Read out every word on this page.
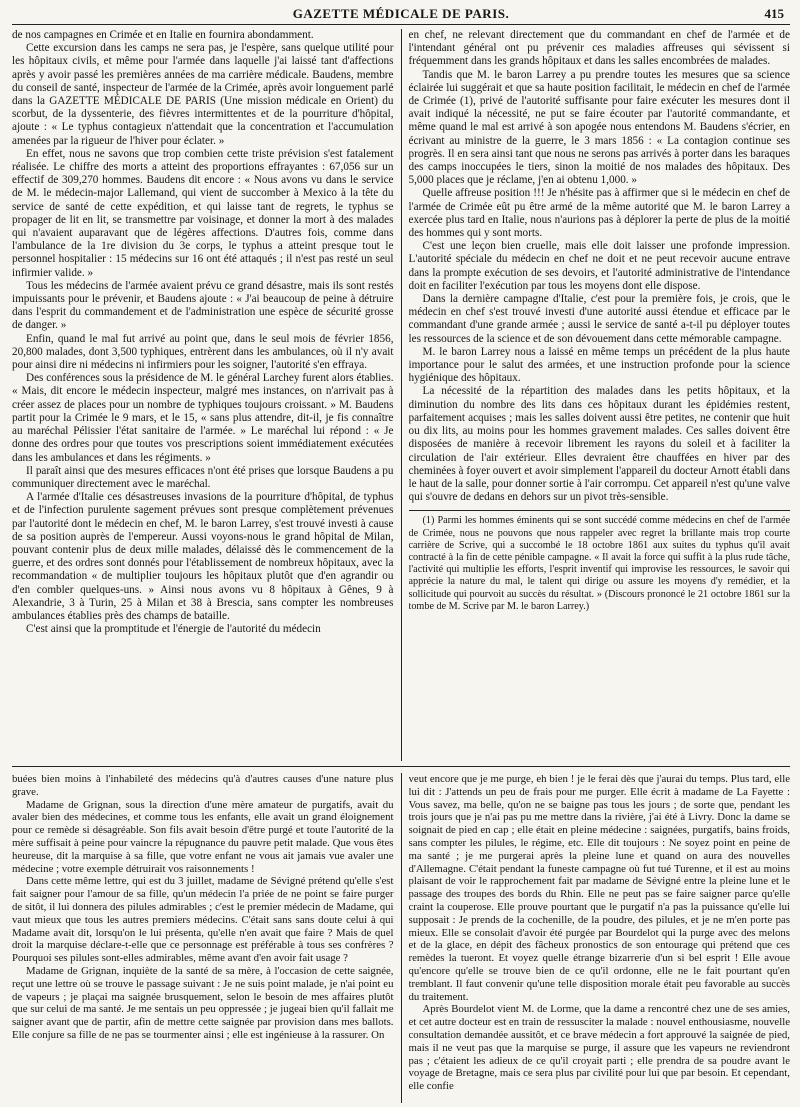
GAZETTE MÉDICALE DE PARIS.	415

de nos campagnes en Crimée et en Italie en fournira abondamment.

Cette excursion dans les camps ne sera pas, je l'espère, sans quelque utilité pour les hôpitaux civils, et même pour l'armée dans laquelle j'ai laissé tant d'affections après y avoir passé les premières années de ma carrière médicale. Baudens, membre du conseil de santé, inspecteur de l'armée de la Crimée, après avoir longuement parlé dans la GAZETTE MÉDICALE DE PARIS (Une mission médicale en Orient) du scorbut, de la dyssenterie, des fièvres intermittentes et de la pourriture d'hôpital, ajoute : « Le typhus contagieux n'attendait que la concentration et l'accumulation amenées par la rigueur de l'hiver pour éclater. »

En effet, nous ne savons que trop combien cette triste prévision s'est fatalement réalisée. Le chiffre des morts a atteint des proportions effrayantes : 67,056 sur un effectif de 309,270 hommes. Baudens dit encore : « Nous avons vu dans le service de M. le médecin-major Lallemand, qui vient de succomber à Mexico à la tête du service de santé de cette expédition, et qui laisse tant de regrets, le typhus se propager de lit en lit, se transmettre par voisinage, et donner la mort à des malades qui n'avaient auparavant que de légères affections. D'autres fois, comme dans l'ambulance de la 1re division du 3e corps, le typhus a atteint presque tout le personnel hospitalier : 15 médecins sur 16 ont été attaqués ; il n'est pas resté un seul infirmier valide. »

Tous les médecins de l'armée avaient prévu ce grand désastre, mais ils sont restés impuissants pour le prévenir, et Baudens ajoute : « J'ai beaucoup de peine à détruire dans l'esprit du commandement et de l'administration une espèce de sécurité grosse de danger. »

Enfin, quand le mal fut arrivé au point que, dans le seul mois de février 1856, 20,800 malades, dont 3,500 typhiques, entrèrent dans les ambulances, où il n'y avait pour ainsi dire ni médecins ni infirmiers pour les soigner, l'autorité s'en effraya.

Des conférences sous la présidence de M. le général Larchey furent alors établies. « Mais, dit encore le médecin inspecteur, malgré mes instances, on n'arrivait pas à créer assez de places pour un nombre de typhiques toujours croissant. » M. Baudens partit pour la Crimée le 9 mars, et le 15, « sans plus attendre, dit-il, je fis connaître au maréchal Pélissier l'état sanitaire de l'armée. » Le maréchal lui répond : « Je donne des ordres pour que toutes vos prescriptions soient immédiatement exécutées dans les ambulances et dans les régiments. »

Il paraît ainsi que des mesures efficaces n'ont été prises que lorsque Baudens a pu communiquer directement avec le maréchal.

A l'armée d'Italie ces désastreuses invasions de la pourriture d'hôpital, de typhus et de l'infection purulente sagement prévues sont presque complètement prévenues par l'autorité dont le médecin en chef, M. le baron Larrey, s'est trouvé investi à cause de sa position auprès de l'empereur. Aussi voyons-nous le grand hôpital de Milan, pouvant contenir plus de deux mille malades, délaissé dès le commencement de la guerre, et des ordres sont donnés pour l'établissement de nombreux hôpitaux, avec la recommandation « de multiplier toujours les hôpitaux plutôt que d'en agrandir ou d'en combler quelques-uns. » Ainsi nous avons vu 8 hôpitaux à Gênes, 9 à Alexandrie, 3 à Turin, 25 à Milan et 38 à Brescia, sans compter les nombreuses ambulances établies près des champs de bataille.

C'est ainsi que la promptitude et l'énergie de l'autorité du médecin

en chef, ne relevant directement que du commandant en chef de l'armée et de l'intendant général ont pu prévenir ces maladies affreuses qui sévissent si fréquemment dans les grands hôpitaux et dans les salles encombrées de malades.

Tandis que M. le baron Larrey a pu prendre toutes les mesures que sa science éclairée lui suggérait et que sa haute position facilitait, le médecin en chef de l'armée de Crimée (1), privé de l'autorité suffisante pour faire exécuter les mesures dont il avait indiqué la nécessité, ne put se faire écouter par l'autorité commandante, et même quand le mal est arrivé à son apogée nous entendons M. Baudens s'écrier, en écrivant au ministre de la guerre, le 3 mars 1856 : « La contagion continue ses progrès. Il en sera ainsi tant que nous ne serons pas arrivés à porter dans les baraques des camps inoccupées le tiers, sinon la moitié de nos malades des hôpitaux. Des 5,000 places que je réclame, j'en ai obtenu 1,000. »

Quelle affreuse position !!! Je n'hésite pas à affirmer que si le médecin en chef de l'armée de Crimée eût pu être armé de la même autorité que M. le baron Larrey a exercée plus tard en Italie, nous n'aurions pas à déplorer la perte de plus de la moitié des hommes qui y sont morts.

C'est une leçon bien cruelle, mais elle doit laisser une profonde impression. L'autorité spéciale du médecin en chef ne doit et ne peut recevoir aucune entrave dans la prompte exécution de ses devoirs, et l'autorité administrative de l'intendance doit en faciliter l'exécution par tous les moyens dont elle dispose.

Dans la dernière campagne d'Italie, c'est pour la première fois, je crois, que le médecin en chef s'est trouvé investi d'une autorité aussi étendue et efficace par le commandant d'une grande armée ; aussi le service de santé a-t-il pu déployer toutes les ressources de la science et de son dévouement dans cette mémorable campagne.

M. le baron Larrey nous a laissé en même temps un précédent de la plus haute importance pour le salut des armées, et une instruction profonde pour la science hygiénique des hôpitaux.

La nécessité de la répartition des malades dans les petits hôpitaux, et la diminution du nombre des lits dans ces hôpitaux durant les épidémies restent, parfaitement acquises ; mais les salles doivent aussi être petites, ne contenir que huit ou dix lits, au moins pour les hommes gravement malades. Ces salles doivent être disposées de manière à recevoir librement les rayons du soleil et à faciliter la circulation de l'air extérieur. Elles devraient être chauffées en hiver par des cheminées à foyer ouvert et avoir simplement l'appareil du docteur Arnott établi dans le haut de la salle, pour donner sortie à l'air corrompu. Cet appareil n'est qu'une valve qui s'ouvre de dedans en dehors sur un pivot très-sensible.

(1) Parmi les hommes éminents qui se sont succédé comme médecins en chef de l'armée de Crimée, nous ne pouvons que nous rappeler avec regret la brillante mais trop courte carrière de Scrive, qui a succombé le 18 octobre 1861 aux suites du typhus qu'il avait contracté à la fin de cette pénible campagne. « Il avait la force qui suffit à la plus rude tâche, l'activité qui multiplie les efforts, l'esprit inventif qui improvise les ressources, le savoir qui apprécie la nature du mal, le talent qui dirige ou assure les moyens d'y remédier, et la sollicitude qui pourvoit au succès du résultat. » (Discours prononcé le 21 octobre 1861 sur la tombe de M. Scrive par M. le baron Larrey.)

buées bien moins à l'inhabileté des médecins qu'à d'autres causes d'une nature plus grave.

Madame de Grignan, sous la direction d'une mère amateur de purgatifs, avait du avaler bien des médecines, et comme tous les enfants, elle avait un grand éloignement pour ce remède si désagréable. Son fils avait besoin d'être purgé et toute l'autorité de la mère suffisait à peine pour vaincre la répugnance du pauvre petit malade. Que vous êtes heureuse, dit la marquise à sa fille, que votre enfant ne vous ait jamais vue avaler une médecine ; votre exemple détruirait vos raisonnements !

Dans cette même lettre, qui est du 3 juillet, madame de Sévigné prétend qu'elle s'est fait saigner pour l'amour de sa fille, qu'un médecin l'a priée de ne point se faire purger de sitôt, il lui donnera des pilules admirables ; c'est le premier médecin de Madame, qui vaut mieux que tous les autres premiers médecins. C'était sans sans doute celui à qui Madame avait dit, lorsqu'on le lui présenta, qu'elle n'en avait que faire ? Mais de quel droit la marquise déclare-t-elle que ce personnage est préférable à tous ses confrères ? Pourquoi ses pilules sont-elles admirables, même avant d'en avoir fait usage ?

Madame de Grignan, inquiète de la santé de sa mère, à l'occasion de cette saignée, reçut une lettre où se trouve le passage suivant : Je ne suis point malade, je n'ai point eu de vapeurs ; je plaçai ma saignée brusquement, selon le besoin de mes affaires plutôt que sur celui de ma santé. Je me sentais un peu oppressée ; je jugeai bien qu'il fallait me saigner avant que de partir, afin de mettre cette saignée par provision dans mes ballots. Elle conjure sa fille de ne pas se tourmenter ainsi ; elle est ingénieuse à la rassurer. On

veut encore que je me purge, eh bien ! je le ferai dès que j'aurai du temps. Plus tard, elle lui dit : J'attends un peu de frais pour me purger. Elle écrit à madame de La Fayette : Vous savez, ma belle, qu'on ne se baigne pas tous les jours ; de sorte que, pendant les trois jours que je n'ai pas pu me mettre dans la rivière, j'ai été à Livry. Donc la dame se soignait de pied en cap ; elle était en pleine médecine : saignées, purgatifs, bains froids, sans compter les pilules, le régime, etc. Elle dit toujours : Ne soyez point en peine de ma santé ; je me purgerai après la pleine lune et quand on aura des nouvelles d'Allemagne. C'était pendant la funeste campagne où fut tué Turenne, et il est au moins plaisant de voir le rapprochement fait par madame de Sévigné entre la pleine lune et le passage des troupes des bords du Rhin. Elle ne peut pas se faire saigner parce qu'elle craint la couperose. Elle prouve pourtant que le purgatif n'a pas la puissance qu'elle lui supposait : Je prends de la cochenille, de la poudre, des pilules, et je ne m'en porte pas mieux. Elle se consolait d'avoir été purgée par Bourdelot qui la purge avec des melons et de la glace, en dépit des fâcheux pronostics de son entourage qui prétend que ces remèdes la tueront. Et voyez quelle étrange bizarrerie d'un si bel esprit ! Elle avoue qu'encore qu'elle se trouve bien de ce qu'il ordonne, elle ne le fait pourtant qu'en tremblant. Il faut convenir qu'une telle disposition morale était peu favorable au succès du traitement.

Après Bourdelot vient M. de Lorme, que la dame a rencontré chez une de ses amies, et cet autre docteur est en train de ressusciter la malade : nouvel enthousiasme, nouvelle consultation demandée aussitôt, et ce brave médecin a fort approuvé la saignée de pied, mais il ne veut pas que la marquise se purge, il assure que les vapeurs ne reviendront pas ; c'étaient les adieux de ce qu'il croyait parti ; elle prendra de sa poudre avant le voyage de Bretagne, mais ce sera plus par civilité pour lui que par besoin. Et cependant, elle confie
